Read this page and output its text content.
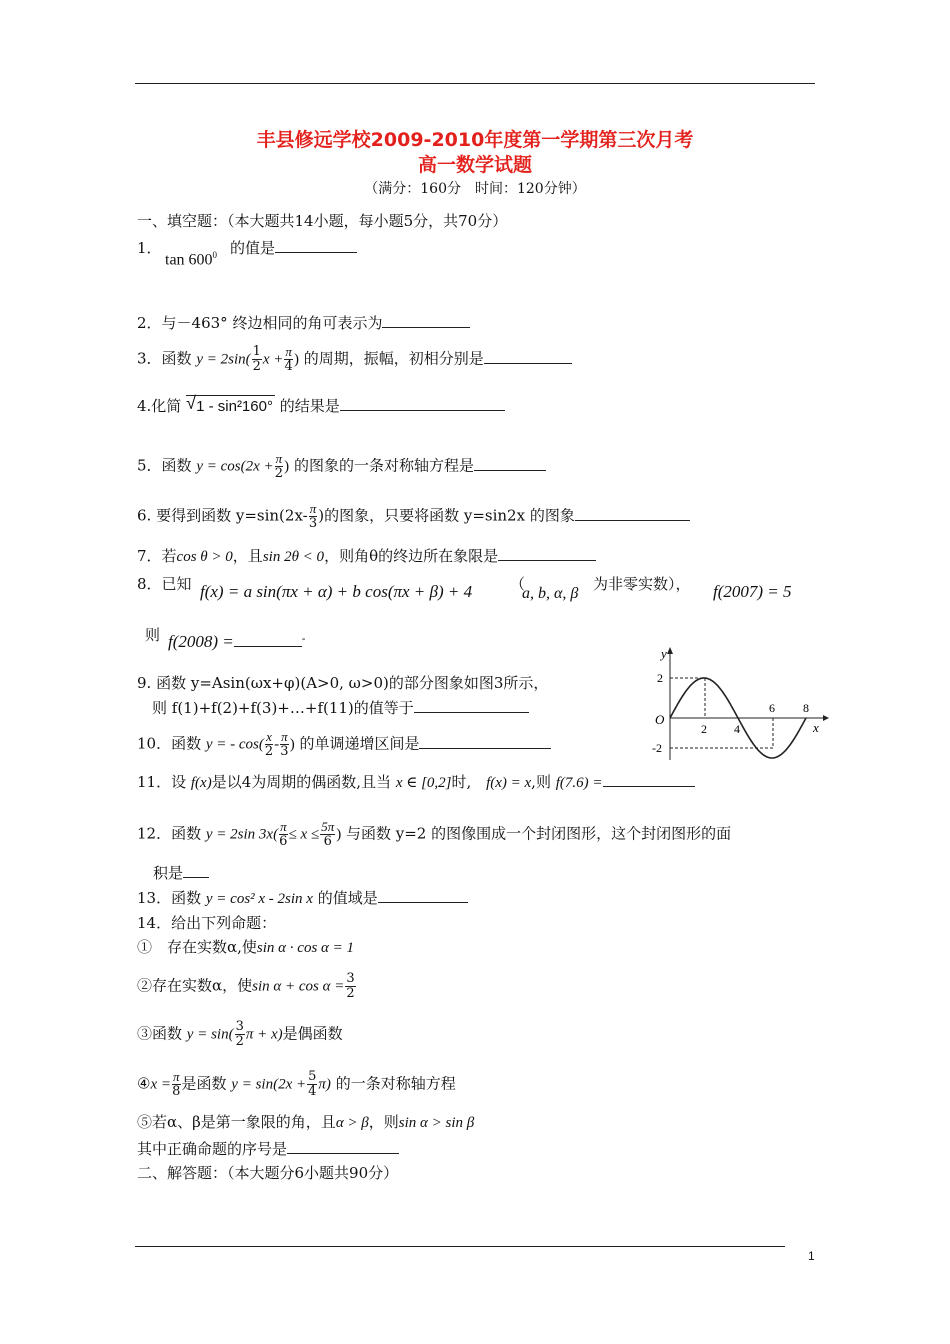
丰县修远学校2009-2010年度第一学期第三次月考
高一数学试题
（满分：160分　时间：120分钟）
一、填空题：（本大题共14小题，每小题5分，共70分）
1．
$\tan 600^0$ 的值是
2．与－463° 终边相同的角可表示为
3．函数 $y = 2\sin( \frac{1}{2}$ $x + \frac{\pi}{4}$ ) 的周期，振幅，初相分别是
4.化简 √ 1 - sin²160° 的结果是
5．函数 $y = \cos(2x + \frac{\pi}{2}$ ) 的图象的一条对称轴方程是
6. 要得到函数 $y=\sin(2x- \frac{\pi}{3}$ )的图象，只要将函数 y=sin2x 的图象
7．若cos θ > 0，且sin 2θ < 0，则角θ的终边所在象限是
8．已知 f(x) = a sin(πx + α) + b cos(πx + β) + 4	（
a, b, α, β
为非零实数）， f(2007) = 5
则 f(2008) =	-
9. 函数 y=Asin(ωx+φ)(A>0, ω>0)的部分图象如图3所示，
则 f(1)+f(2)+f(3)+…+f(11)的值等于
y
x
O
2
-2
2 4
6 8
10．函数 y = - $\cos( \frac{x}{2} - \frac{\pi}{3}$ ) 的单调递增区间是
11．设 f(x)是以4为周期的偶函数,且当 x ∈ [0,2]时, f(x) = x,则 f(7.6) =
12．函数 y = 2sin $3x( \frac{\pi}{6} \le x \le \frac{5\pi}{6}$ ) 与函数 y=2 的图像围成一个封闭图形，这个封闭图形的面
积是
13．函数 y = cos² x - 2sin x 的值域是
14．给出下列命题：
①　存在实数α,使sin α · cos α = 1
②存在实数α，使$\sin \alpha + \cos \alpha = \frac{3}{2}$
③函数 $y = \sin( \frac{3}{2}$ π + x)是偶函数
④x = $\frac{\pi}{8}$ 是函数 $y = \sin(2x + \frac{5}{4} \pi)$ 的一条对称轴方程
⑤若α、β是第一象限的角，且α > β，则sin α > sin β
其中正确命题的序号是
二、解答题：（本大题分6小题共90分）
1
